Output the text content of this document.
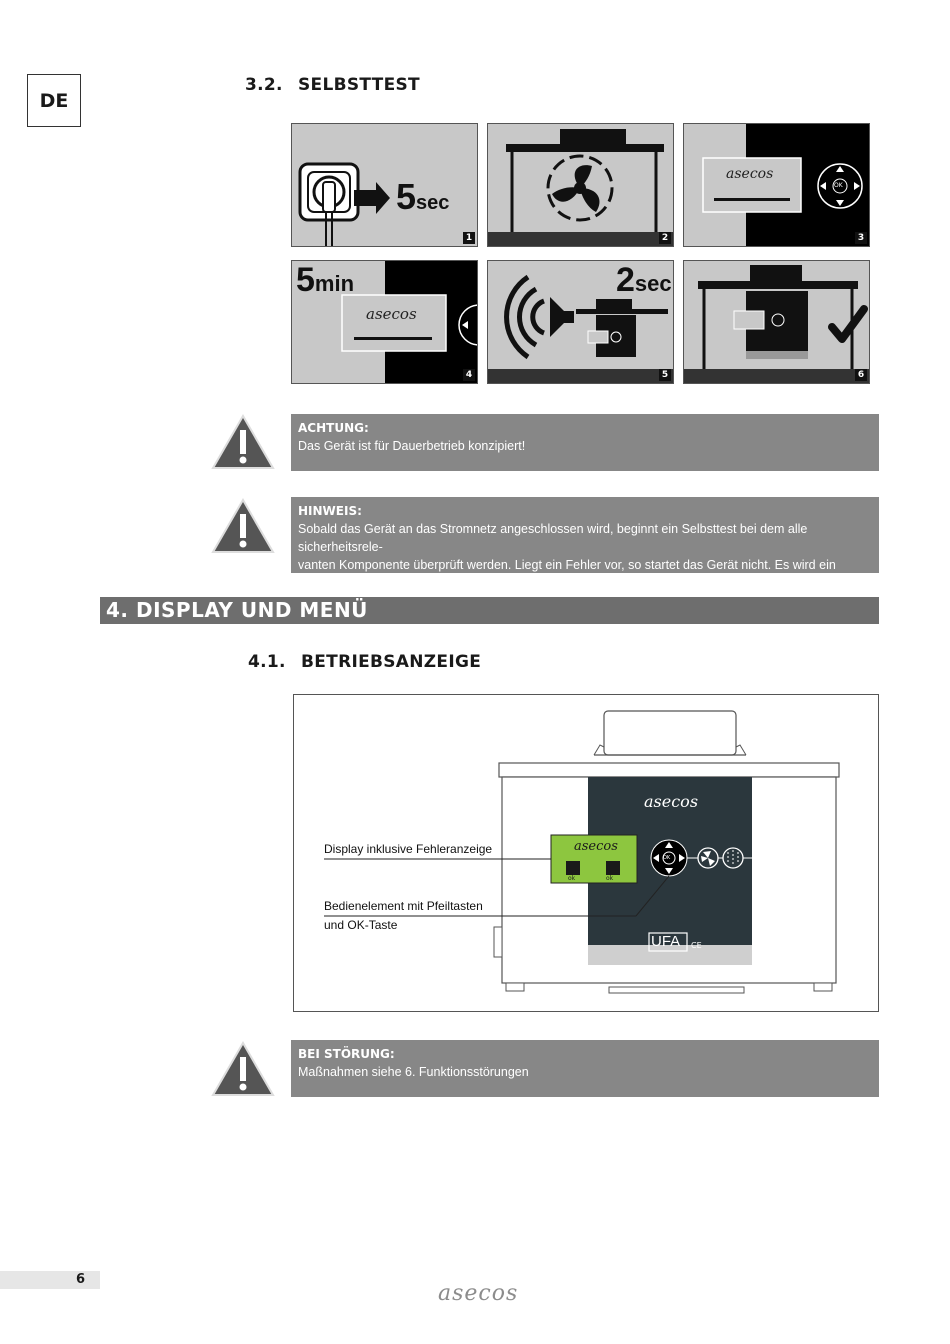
DE
3.2. SELBSTTEST
5sec
1	2
asecos
OK
3
5min
asecos
4
2sec
5	6
ACHTUNG:
Das Gerät ist für Dauerbetrieb konzipiert!
HINWEIS:
Sobald das Gerät an das Stromnetz angeschlossen wird, beginnt ein Selbsttest bei dem alle sicherheitsrele-
vanten Komponente überprüft werden. Liegt ein Fehler vor, so startet das Gerät nicht. Es wird ein Fehler F7
4. DISPLAY UND MENÜ
4.1. BETRIEBSANZEIGE
asecos
asecos
ok	ok
OK
UFA CE
Display inklusive Fehleranzeige
Bedienelement mit Pfeiltasten
und OK-Taste
BEI STÖRUNG:
Maßnahmen siehe 6. Funktionsstörungen
6
asecos
